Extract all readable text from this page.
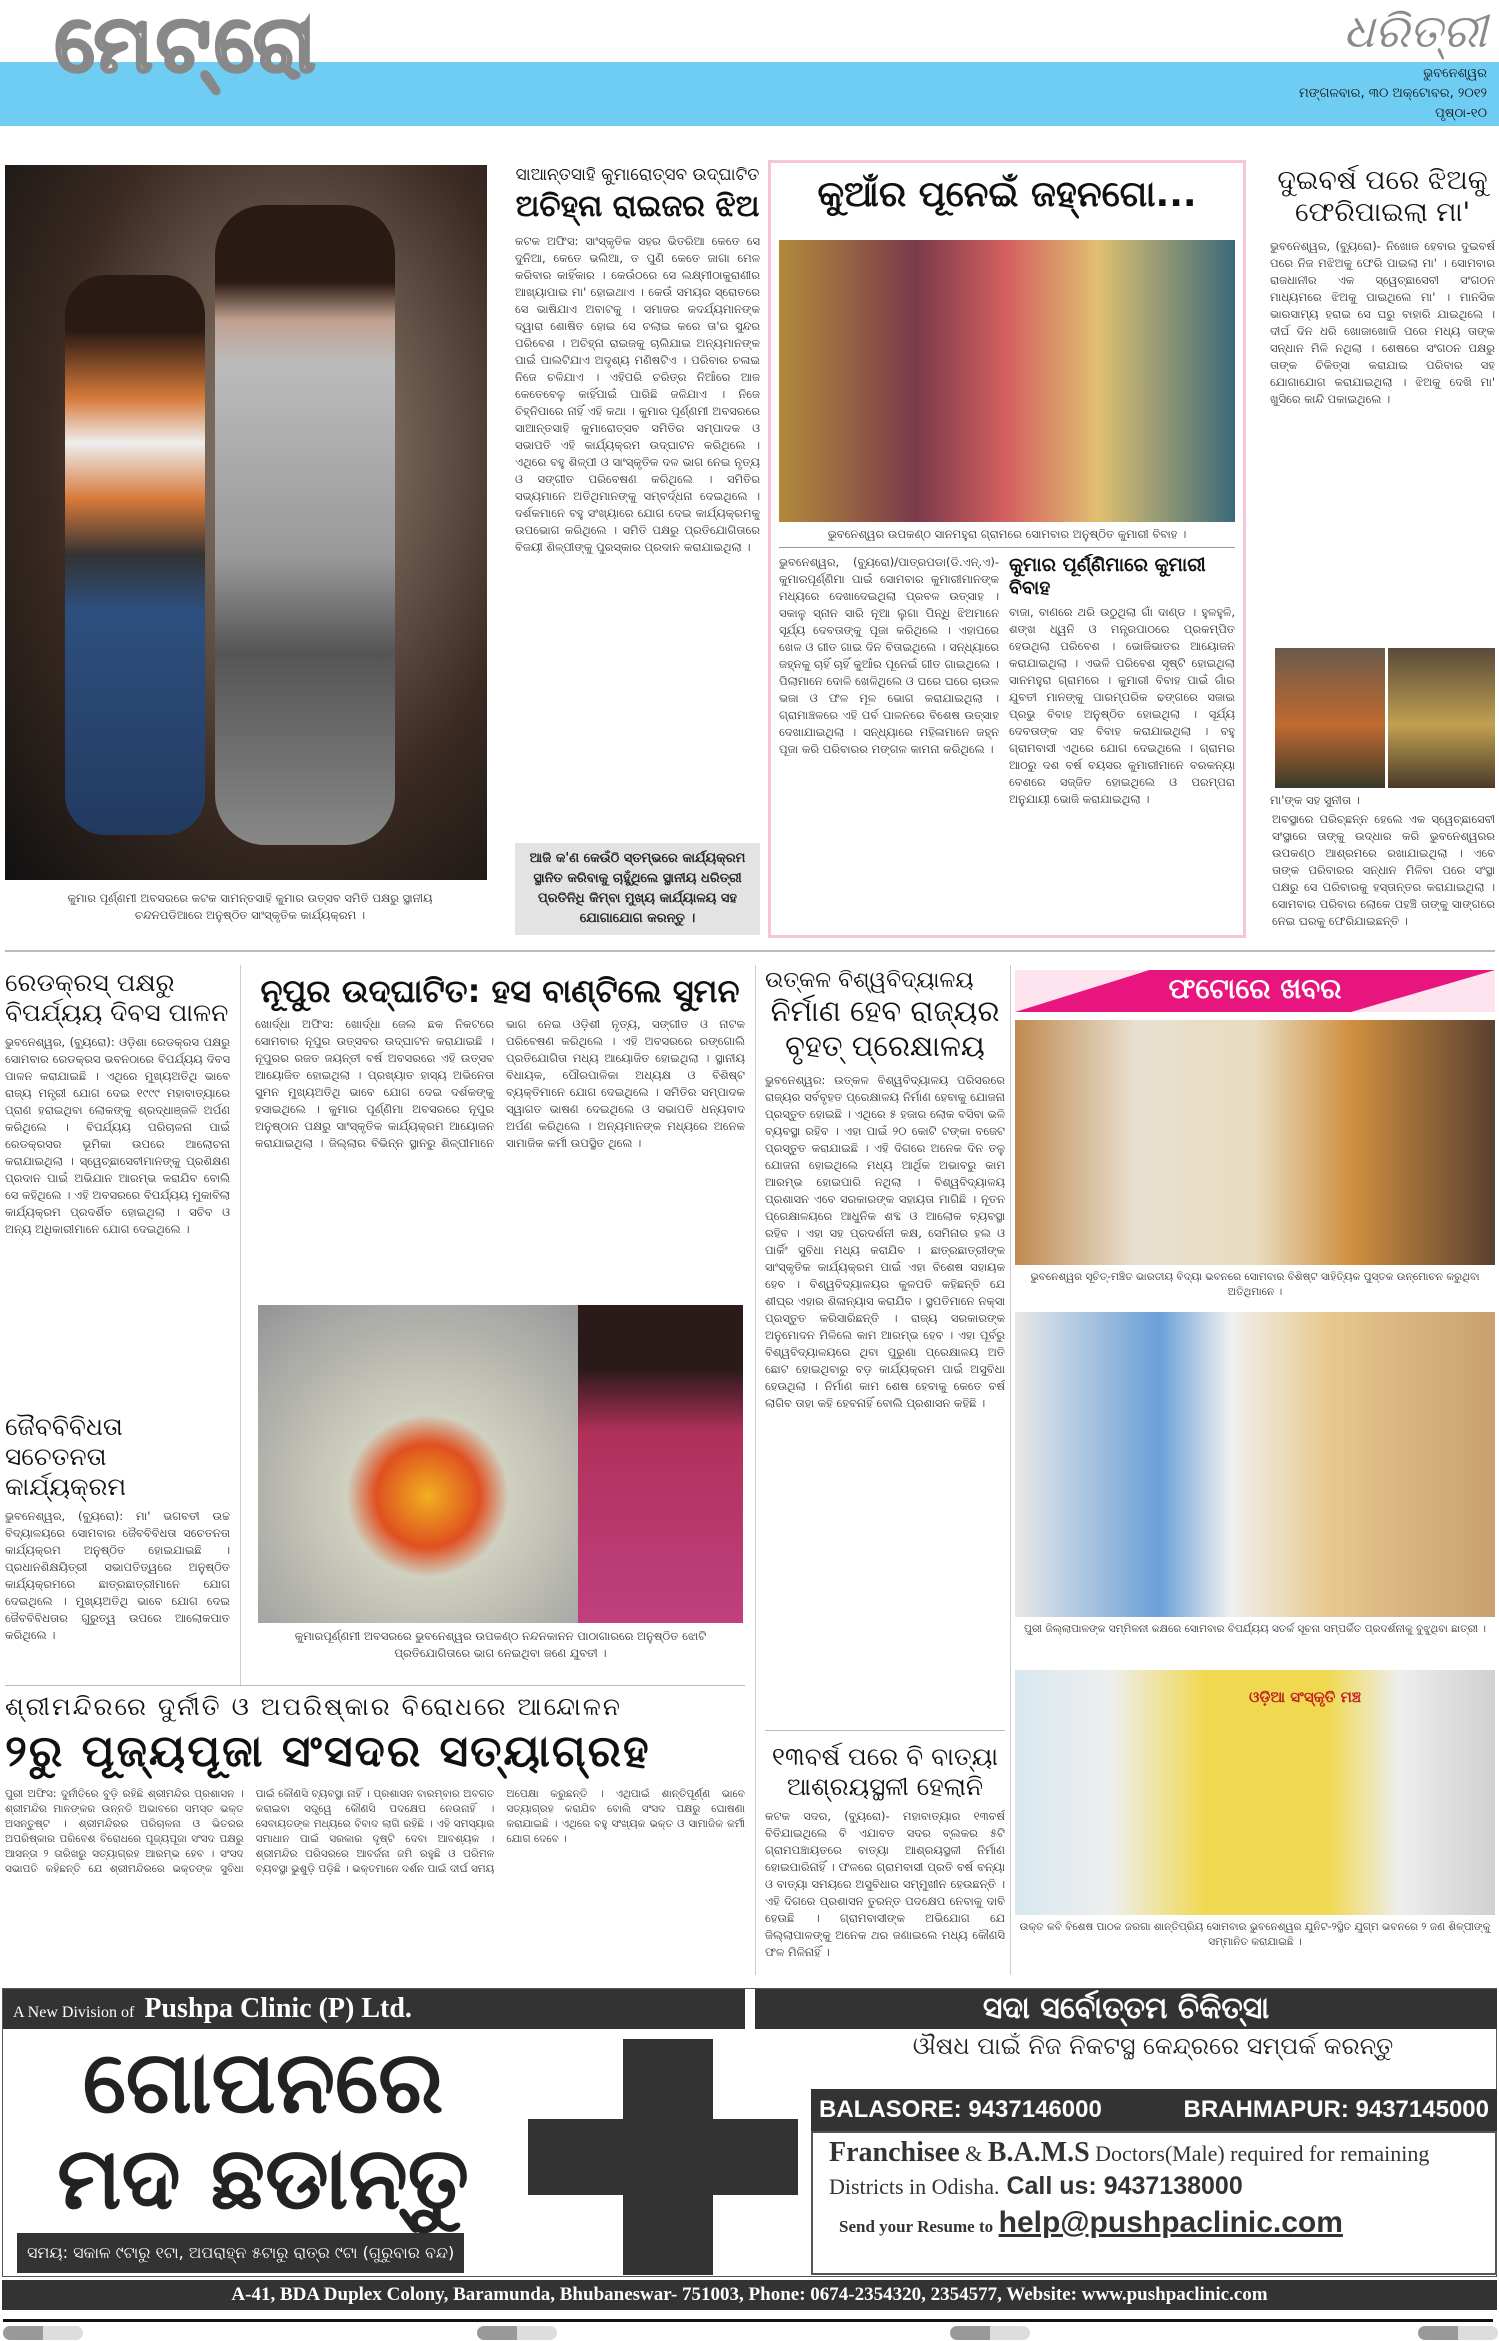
ମେଟ୍ରୋ	ଧରିତ୍ରୀ
ଭୁବନେଶ୍ୱର
ମଙ୍ଗଳବାର, ୩୦ ଅକ୍ଟୋବର, ୨୦୧୨
ପୃଷ୍ଠା-୧୦
କୁମାର ପୂର୍ଣ୍ଣମୀ ଅବସରରେ କଟକ ସାମନ୍ତସାହି କୁମାର ଉତ୍ସବ ସମିତି ପକ୍ଷରୁ ସ୍ଥାନୀୟ ଚନ୍ଦନପଡିଆରେ ଅନୁଷ୍ଠିତ ସାଂସ୍କୃତିକ କାର୍ଯ୍ୟକ୍ରମ ।
ସାଆନ୍ତସାହି କୁମାରୋତ୍ସବ ଉଦ୍‌ଘାଟିତ
ଅଚିହ୍ନା ରାଇଜର ଝିଅ
କଟକ ଅଫିସ: ସାଂସ୍କୃତିକ ସହର ଭିତରିଆ କେତେ ସେ ଦୁନିଆ, କେତେ ଭଲିଆ, ତ ପୁଣି କେତେ ଜାଗା ମେଳ କରିବାର କାହିଁକାର । କେଉଁଠରେ ସେ ଲକ୍ଷ୍ମୀଠାକୁରାଣୀର ଆଖ୍ୟାପାଇ ମା' ହୋଇଥାଏ । କେଉଁ ସମୟର ସ୍ରୋତରେ ସେ ଭାଷିଯାଏ ଅବାଟକୁ । ସମାଜର କଦର୍ଯ୍ୟମାନଙ୍କ ଦ୍ୱାରା ଶୋଷିତ ହୋଇ ସେ ଚଲାଇ କରେ ତା'ର ସୁନ୍ଦର ପରିବେଶ । ଅଚିହ୍ନା ରାଇଜକୁ ଚାଲିଯାଇ ଅନ୍ୟମାନଙ୍କ ପାଇଁ ପାଲଟିଯାଏ ଅଦୃଶ୍ୟ ମଣିଷଟିଏ । ପରିବାର ଚଳାଇ ନିଜେ ଚଳିଯାଏ । ଏହିପରି ଚରିତ୍ର ନିଆଁରେ ଆଜ କେତେବେଳୁ କାହିଁପାଇଁ ପାରିଛି ଜଳିଯାଏ । ନିଜେ ଚିହ୍ନିପାରେ ନାହିଁ ଏହି କଥା । କୁମାର ପୂର୍ଣ୍ଣମୀ ଅବସରରେ ସାଆନ୍ତସାହି କୁମାରୋତ୍ସବ ସମିତିର ସମ୍ପାଦକ ଓ ସଭାପତି ଏହି କାର୍ଯ୍ୟକ୍ରମ ଉଦ୍‌ଘାଟନ କରିଥିଲେ । ଏଥିରେ ବହୁ ଶିଳ୍ପୀ ଓ ସାଂସ୍କୃତିକ ଦଳ ଭାଗ ନେଇ ନୃତ୍ୟ ଓ ସଙ୍ଗୀତ ପରିବେଷଣ କରିଥିଲେ । ସମିତିର ସଭ୍ୟମାନେ ଅତିଥିମାନଙ୍କୁ ସମ୍ବର୍ଦ୍ଧନା ଦେଇଥିଲେ । ଦର୍ଶକମାନେ ବହୁ ସଂଖ୍ୟାରେ ଯୋଗ ଦେଇ କାର୍ଯ୍ୟକ୍ରମକୁ ଉପଭୋଗ କରିଥିଲେ । ସମିତି ପକ୍ଷରୁ ପ୍ରତିଯୋଗିତାରେ ବିଜୟୀ ଶିଳ୍ପୀଙ୍କୁ ପୁରସ୍କାର ପ୍ରଦାନ କରାଯାଇଥିଲା ।
ଆଜି କ'ଣ କେଉଁଠି ସ୍ତମ୍ଭରେ କାର୍ଯ୍ୟକ୍ରମ ସ୍ଥାନିତ କରିବାକୁ ଚାହୁଁଥିଲେ ସ୍ଥାନୀୟ ଧରିତ୍ରୀ ପ୍ରତିନିଧି କିମ୍ବା ମୁଖ୍ୟ କାର୍ଯ୍ୟାଳୟ ସହ ଯୋଗାଯୋଗ କରନ୍ତୁ ।
କୁଆଁର ପୂନେଇଁ ଜହ୍ନଗୋ...
ଭୁବନେଶ୍ୱର ଉପକଣ୍ଠ ସାନମହୁରା ଗ୍ରାମରେ ସୋମବାର ଅନୁଷ୍ଠିତ କୁମାରୀ ବିବାହ ।
ଭୁବନେଶ୍ୱର, (ବ୍ୟୁରୋ)/ପାତ୍ରପଡା(ଡି.ଏନ୍.ଏ)- କୁମାରପୂର୍ଣ୍ଣିମା ପାଇଁ ସୋମବାର କୁମାରୀମାନଙ୍କ ମଧ୍ୟରେ ଦେଖାଦେଇଥିଲା ପ୍ରବଳ ଉତ୍ସାହ । ସକାଳୁ ସ୍ନାନ ସାରି ନୂଆ ଲୁଗା ପିନ୍ଧି ଝିଅମାନେ ସୂର୍ଯ୍ୟ ଦେବତାଙ୍କୁ ପୂଜା କରିଥିଲେ । ଏହାପରେ ଖେଳ ଓ ଗୀତ ଗାଇ ଦିନ ବିତାଇଥିଲେ । ସନ୍ଧ୍ୟାରେ ଜହ୍ନକୁ ଚାହିଁ ଚାହିଁ କୁଆଁର ପୂନେଇଁ ଗୀତ ଗାଇଥିଲେ । ପିଲାମାନେ ଦୋଳି ଖେଳିଥିଲେ ଓ ଘରେ ଘରେ ଚାଉଳ ଭଜା ଓ ଫଳ ମୂଳ ଭୋଗ କରାଯାଇଥିଲା । ଗ୍ରାମାଞ୍ଚଳରେ ଏହି ପର୍ବ ପାଳନରେ ବିଶେଷ ଉତ୍ସାହ ଦେଖାଯାଇଥିଲା । ସନ୍ଧ୍ୟାରେ ମହିଳାମାନେ ଜହ୍ନ ପୂଜା କରି ପରିବାରର ମଙ୍ଗଳ କାମନା କରିଥିଲେ ।
କୁମାର ପୂର୍ଣ୍ଣିମାରେ କୁମାରୀ ବିବାହ
ବାଜା, ବାଣରେ ଥରି ଉଠୁଥିଲା ଗାଁ ଦାଣ୍ଡ । ହୁଳହୁଳି, ଶଙ୍ଖ ଧ୍ୱନି ଓ ମନ୍ତ୍ରପାଠରେ ପ୍ରକମ୍ପିତ ହେଉଥିଲା ପରିବେଶ । ଭୋଜିଭାତର ଆୟୋଜନ କରାଯାଇଥିଲା । ଏଭଳି ପରିବେଶ ସୃଷ୍ଟି ହୋଇଥିଲା ସାନମହୁରା ଗ୍ରାମରେ । କୁମାରୀ ବିବାହ ପାଇଁ ଗାଁର ଯୁବତୀ ମାନଙ୍କୁ ପାରମ୍ପରିକ ଢଙ୍ଗରେ ସଜାଇ ପ୍ରଭୁ ବିବାହ ଅନୁଷ୍ଠିତ ହୋଇଥିଲା । ସୂର୍ଯ୍ୟ ଦେବତାଙ୍କ ସହ ବିବାହ କରାଯାଇଥିଲା । ବହୁ ଗ୍ରାମବାସୀ ଏଥିରେ ଯୋଗ ଦେଇଥିଲେ । ଗ୍ରାମର ଆଠରୁ ଦଶ ବର୍ଷ ବୟସର କୁମାରୀମାନେ ବରକନ୍ୟା ବେଶରେ ସଜ୍ଜିତ ହୋଇଥିଲେ ଓ ପରମ୍ପରା ଅନୁଯାୟୀ ଭୋଜି କରାଯାଇଥିଲା ।
ଦୁଇବର୍ଷ ପରେ ଝିଅକୁ ଫେରିପାଇଲା ମା'
ଭୁବନେଶ୍ୱର, (ବ୍ୟୁରୋ)- ନିଖୋଜ ହେବାର ଦୁଇବର୍ଷ ପରେ ନିଜ ମଝିଅକୁ ଫେରି ପାଇଲା ମା' । ସୋମବାର ରାଜଧାନୀର ଏକ ସ୍ୱେଚ୍ଛାସେବୀ ସଂଗଠନ ମାଧ୍ୟମରେ ଝିଅକୁ ପାଇଥିଲେ ମା' । ମାନସିକ ଭାରସାମ୍ୟ ହରାଇ ସେ ଘରୁ ବାହାରି ଯାଇଥିଲେ । ଦୀର୍ଘ ଦିନ ଧରି ଖୋଜାଖୋଜି ପରେ ମଧ୍ୟ ତାଙ୍କ ସନ୍ଧାନ ମିଳି ନଥିଲା । ଶେଷରେ ସଂଗଠନ ପକ୍ଷରୁ ତାଙ୍କ ଚିକିତ୍ସା କରାଯାଇ ପରିବାର ସହ ଯୋଗାଯୋଗ କରାଯାଇଥିଲା । ଝିଅକୁ ଦେଖି ମା' ଖୁସିରେ କାନ୍ଦି ପକାଇଥିଲେ ।
ମା'ଙ୍କ ସହ ସୁନୀତା ।
ଅବସ୍ଥାରେ ପରିଚ୍ଛନ୍ନ ହେଲେ ଏକ ସ୍ୱେଚ୍ଛାସେବୀ ସଂସ୍ଥାରେ ତାଙ୍କୁ ଉଦ୍ଧାର କରି ଭୁବନେଶ୍ୱରର ଉପକଣ୍ଠ ଆଶ୍ରମରେ ରଖାଯାଇଥିଲା । ଏବେ ତାଙ୍କ ପରିବାରର ସନ୍ଧାନ ମିଳିବା ପରେ ସଂସ୍ଥା ପକ୍ଷରୁ ସେ ପରିବାରକୁ ହସ୍ତାନ୍ତର କରାଯାଇଥିଲା । ସୋମବାର ପରିବାର ଲୋକେ ପହଞ୍ଚି ତାଙ୍କୁ ସାଙ୍ଗରେ ନେଇ ଘରକୁ ଫେରିଯାଇଛନ୍ତି ।
ରେଡକ୍ରସ୍ ପକ୍ଷରୁ ବିପର୍ଯ୍ୟୟ ଦିବସ ପାଳନ
ଭୁବନେଶ୍ୱର, (ବ୍ୟୁରୋ): ଓଡ଼ିଶା ରେଡକ୍ରସ ପକ୍ଷରୁ ସୋମବାର ରେଡକ୍ରସ ଭବନଠାରେ ବିପର୍ଯ୍ୟୟ ଦିବସ ପାଳନ କରାଯାଇଛି । ଏଥିରେ ମୁଖ୍ୟଅତିଥି ଭାବେ ରାଜ୍ୟ ମନ୍ତ୍ରୀ ଯୋଗ ଦେଇ ୧୯୯୯ ମହାବାତ୍ୟାରେ ପ୍ରାଣ ହରାଇଥିବା ଲୋକଙ୍କୁ ଶ୍ରଦ୍ଧାଞ୍ଜଳି ଅର୍ପଣ କରିଥିଲେ । ବିପର୍ଯ୍ୟୟ ପରିଚାଳନା ପାଇଁ ରେଡକ୍ରସର ଭୂମିକା ଉପରେ ଆଲୋଚନା କରାଯାଇଥିଲା । ସ୍ୱେଚ୍ଛାସେବୀମାନଙ୍କୁ ପ୍ରଶିକ୍ଷଣ ପ୍ରଦାନ ପାଇଁ ଅଭିଯାନ ଆରମ୍ଭ କରାଯିବ ବୋଲି ସେ କହିଥିଲେ । ଏହି ଅବସରରେ ବିପର୍ଯ୍ୟୟ ମୁକାବିଲା କାର୍ଯ୍ୟକ୍ରମ ପ୍ରଦର୍ଶିତ ହୋଇଥିଲା । ସଚିବ ଓ ଅନ୍ୟ ଅଧିକାରୀମାନେ ଯୋଗ ଦେଇଥିଲେ ।
ଜୈବବିବିଧତା ସଚେତନତା କାର୍ଯ୍ୟକ୍ରମ
ଭୁବନେଶ୍ୱର, (ବ୍ୟୁରୋ): ମା' ଭଗବତୀ ଉଚ୍ଚ ବିଦ୍ୟାଳୟରେ ସୋମବାର ଜୈବବିବିଧତା ସଚେତନତା କାର୍ଯ୍ୟକ୍ରମ ଅନୁଷ୍ଠିତ ହୋଇଯାଇଛି । ପ୍ରଧାନଶିକ୍ଷୟିତ୍ରୀ ସଭାପତିତ୍ୱରେ ଅନୁଷ୍ଠିତ କାର୍ଯ୍ୟକ୍ରମରେ ଛାତ୍ରଛାତ୍ରୀମାନେ ଯୋଗ ଦେଇଥିଲେ । ମୁଖ୍ୟଅତିଥି ଭାବେ ଯୋଗ ଦେଇ ଜୈବବିବିଧତାର ଗୁରୁତ୍ୱ ଉପରେ ଆଲୋକପାତ କରିଥିଲେ ।
ନୂପୁର ଉଦ୍‌ଘାଟିତ: ହସ ବାଣ୍ଟିଲେ ସୁମନ
ଖୋର୍ଦ୍ଧା ଅଫିସ: ଖୋର୍ଦ୍ଧା ଜେଲ ଛକ ନିକଟରେ ସୋମବାର ନୂପୁର ଉତ୍ସବର ଉଦ୍‌ଘାଟନ କରାଯାଇଛି । ନୂପୁରର ରଜତ ଜୟନ୍ତୀ ବର୍ଷ ଅବସରରେ ଏହି ଉତ୍ସବ ଆୟୋଜିତ ହୋଇଥିଲା । ପ୍ରଖ୍ୟାତ ହାସ୍ୟ ଅଭିନେତା ସୁମନ ମୁଖ୍ୟଅତିଥି ଭାବେ ଯୋଗ ଦେଇ ଦର୍ଶକଙ୍କୁ ହସାଇଥିଲେ । କୁମାର ପୂର୍ଣ୍ଣିମା ଅବସରରେ ନୂପୁର ଅନୁଷ୍ଠାନ ପକ୍ଷରୁ ସାଂସ୍କୃତିକ କାର୍ଯ୍ୟକ୍ରମ ଆୟୋଜନ କରାଯାଇଥିଲା । ଜିଲ୍ଲାର ବିଭିନ୍ନ ସ୍ଥାନରୁ ଶିଳ୍ପୀମାନେ ଭାଗ ନେଇ ଓଡ଼ିଶୀ ନୃତ୍ୟ, ସଙ୍ଗୀତ ଓ ନାଟକ ପରିବେଷଣ କରିଥିଲେ । ଏହି ଅବସରରେ ରଙ୍ଗୋଲି ପ୍ରତିଯୋଗିତା ମଧ୍ୟ ଆୟୋଜିତ ହୋଇଥିଲା । ସ୍ଥାନୀୟ ବିଧାୟକ, ପୌରପାଳିକା ଅଧ୍ୟକ୍ଷ ଓ ବିଶିଷ୍ଟ ବ୍ୟକ୍ତିମାନେ ଯୋଗ ଦେଇଥିଲେ । ସମିତିର ସମ୍ପାଦକ ସ୍ୱାଗତ ଭାଷଣ ଦେଇଥିଲେ ଓ ସଭାପତି ଧନ୍ୟବାଦ ଅର୍ପଣ କରିଥିଲେ । ଅନ୍ୟମାନଙ୍କ ମଧ୍ୟରେ ଅନେକ ସାମାଜିକ କର୍ମୀ ଉପସ୍ଥିତ ଥିଲେ ।
କୁମାରପୂର୍ଣ୍ଣମୀ ଅବସରରେ ଭୁବନେଶ୍ୱର ଉପକଣ୍ଠ ନନ୍ଦନକାନନ ପାଠାଗାରରେ ଅନୁଷ୍ଠିତ ଝୋଟି ପ୍ରତିଯୋଗିତାରେ ଭାଗ ନେଇଥିବା ଜଣେ ଯୁବତୀ ।
ଉତ୍କଳ ବିଶ୍ୱବିଦ୍ୟାଳୟ
ନିର୍ମାଣ ହେବ ରାଜ୍ୟର ବୃହତ୍ ପ୍ରେକ୍ଷାଳୟ
ଭୁବନେଶ୍ୱର: ଉତ୍କଳ ବିଶ୍ୱବିଦ୍ୟାଳୟ ପରିସରରେ ରାଜ୍ୟର ସର୍ବବୃହତ ପ୍ରେକ୍ଷାଳୟ ନିର୍ମାଣ ହେବାକୁ ଯୋଜନା ପ୍ରସ୍ତୁତ ହୋଇଛି । ଏଥିରେ ୫ ହଜାର ଲୋକ ବସିବା ଭଳି ବ୍ୟବସ୍ଥା ରହିବ । ଏହା ପାଇଁ ୨୦ କୋଟି ଟଙ୍କା ବଜେଟ ପ୍ରସ୍ତୁତ କରାଯାଇଛି । ଏହି ଦିଗରେ ଅନେକ ଦିନ ତଳୁ ଯୋଜନା ହୋଇଥିଲେ ମଧ୍ୟ ଆର୍ଥିକ ଅଭାବରୁ କାମ ଆରମ୍ଭ ହୋଇପାରି ନଥିଲା । ବିଶ୍ୱବିଦ୍ୟାଳୟ ପ୍ରଶାସନ ଏବେ ସରକାରଙ୍କ ସହାୟତା ମାଗିଛି । ନୂତନ ପ୍ରେକ୍ଷାଳୟରେ ଆଧୁନିକ ଶବ୍ଦ ଓ ଆଲୋକ ବ୍ୟବସ୍ଥା ରହିବ । ଏହା ସହ ପ୍ରଦର୍ଶନୀ କକ୍ଷ, ସେମିନାର ହଲ ଓ ପାର୍କିଂ ସୁବିଧା ମଧ୍ୟ କରାଯିବ । ଛାତ୍ରଛାତ୍ରୀଙ୍କ ସାଂସ୍କୃତିକ କାର୍ଯ୍ୟକ୍ରମ ପାଇଁ ଏହା ବିଶେଷ ସହାୟକ ହେବ । ବିଶ୍ୱବିଦ୍ୟାଳୟର କୁଳପତି କହିଛନ୍ତି ଯେ ଶୀଘ୍ର ଏହାର ଶିଳାନ୍ୟାସ କରାଯିବ । ସ୍ଥପତିମାନେ ନକ୍ସା ପ୍ରସ୍ତୁତ କରିସାରିଛନ୍ତି । ରାଜ୍ୟ ସରକାରଙ୍କ ଅନୁମୋଦନ ମିଳିଲେ କାମ ଆରମ୍ଭ ହେବ । ଏହା ପୂର୍ବରୁ ବିଶ୍ୱବିଦ୍ୟାଳୟରେ ଥିବା ପୁରୁଣା ପ୍ରେକ୍ଷାଳୟ ଅତି ଛୋଟ ହୋଇଥିବାରୁ ବଡ଼ କାର୍ଯ୍ୟକ୍ରମ ପାଇଁ ଅସୁବିଧା ହେଉଥିଲା । ନିର୍ମାଣ କାମ ଶେଷ ହେବାକୁ କେତେ ବର୍ଷ ଲାଗିବ ତାହା କହି ହେବନାହିଁ ବୋଲି ପ୍ରଶାସନ କହିଛି ।
୧୩ବର୍ଷ ପରେ ବି ବାତ୍ୟା ଆଶ୍ରୟସ୍ଥଳୀ ହେଲାନି
କଟକ ସଦର, (ବ୍ୟୁରୋ)- ମହାବାତ୍ୟାର ୧୩ବର୍ଷ ବିତିଯାଇଥିଲେ ବି ଏଯାବତ ସଦର ବ୍ଲକର ୫ଟି ଗ୍ରାମପଞ୍ଚାୟତରେ ବାତ୍ୟା ଆଶ୍ରୟସ୍ଥଳୀ ନିର୍ମାଣ ହୋଇପାରିନାହିଁ । ଫଳରେ ଗ୍ରାମବାସୀ ପ୍ରତି ବର୍ଷ ବନ୍ୟା ଓ ବାତ୍ୟା ସମୟରେ ଅସୁବିଧାର ସମ୍ମୁଖୀନ ହେଉଛନ୍ତି । ଏହି ଦିଗରେ ପ୍ରଶାସନ ତୁରନ୍ତ ପଦକ୍ଷେପ ନେବାକୁ ଦାବି ହେଉଛି । ଗ୍ରାମବାସୀଙ୍କ ଅଭିଯୋଗ ଯେ ଜିଲ୍ଲାପାଳଙ୍କୁ ଅନେକ ଥର ଜଣାଇଲେ ମଧ୍ୟ କୌଣସି ଫଳ ମିଳିନାହିଁ ।
ଫଟୋରେ ଖବର
ଭୁବନେଶ୍ୱର ସୂଚିତ୍-ମଞ୍ଚିତ ଭାରତୀୟ ବିଦ୍ୟା ଭବନରେ ସୋମବାର ବିଶିଷ୍ଟ ସାହିତ୍ୟିକ ପୁସ୍ତକ ଉନ୍ମୋଚନ କରୁଥିବା ଅତିଥିମାନେ ।
ପୁରୀ ଜିଲ୍ଲାପାଳଙ୍କ ସମ୍ମିଳନୀ କକ୍ଷରେ ସୋମବାର ବିପର୍ଯ୍ୟୟ ସତର୍କ ସୂଚନା ସମ୍ପର୍କିତ ପ୍ରଦର୍ଶନୀକୁ ବୁଝୁଥିବା ଛାତ୍ରୀ ।
ଓଡ଼ିଆ ସଂସ୍କୃତି ମଞ୍ଚ
ଉକ୍ତ କବି ବିଶେଷ ପାଠକ ଜରଗା ଶାନ୍ତିପ୍ରିୟ ସୋମବାର ଭୁବନେଶ୍ୱର ଯୁନିଟ-୨ସ୍ଥିତ ଯୁଗ୍ମ ଭବନରେ ୨ ଜଣ ଶିଳ୍ପୀଙ୍କୁ ସମ୍ମାନିତ କରାଯାଇଛି ।
ଶ୍ରୀମନ୍ଦିରରେ ଦୁର୍ନୀତି ଓ ଅପରିଷ୍କାର ବିରୋଧରେ ଆନ୍ଦୋଳନ
୨ରୁ ପୂଜ୍ୟପୂଜା ସଂସଦର ସତ୍ୟାଗ୍ରହ
ପୁରୀ ଅଫିସ: ଦୁର୍ନୀତିରେ ବୁଡ଼ି ରହିଛି ଶ୍ରୀମନ୍ଦିର ପ୍ରଶାସନ । ଶ୍ରୀମନ୍ଦିର ମାନଙ୍କର ଉନ୍ନତି ଅଭାବରେ ସମସ୍ତ ଭକ୍ତ ଅସନ୍ତୁଷ୍ଟ । ଶ୍ରୀମନ୍ଦିରର ପରିଚାଳନା ଓ ଭିତରର ଅପରିଷ୍କାର ପରିବେଶ ବିରୋଧରେ ପୂଜ୍ୟପୂଜା ସଂସଦ ପକ୍ଷରୁ ଆସନ୍ତା ୨ ତାରିଖରୁ ସତ୍ୟାଗ୍ରହ ଆରମ୍ଭ ହେବ । ସଂସଦ ସଭାପତି କହିଛନ୍ତି ଯେ ଶ୍ରୀମନ୍ଦିରରେ ଭକ୍ତଙ୍କ ସୁବିଧା ପାଇଁ କୌଣସି ବ୍ୟବସ୍ଥା ନାହିଁ । ପ୍ରଶାସନ ବାରମ୍ବାର ଅବଗତ କରାଇବା ସତ୍ତ୍ୱେ କୌଣସି ପଦକ୍ଷେପ ନେଉନାହିଁ । ସେବାୟତଙ୍କ ମଧ୍ୟରେ ବିବାଦ ଲାଗି ରହିଛି । ଏହି ସମସ୍ୟାର ସମାଧାନ ପାଇଁ ସରକାର ଦୃଷ୍ଟି ଦେବା ଆବଶ୍ୟକ । ଶ୍ରୀମନ୍ଦିର ପରିସରରେ ଆବର୍ଜନା ଜମି ରହୁଛି ଓ ପରିମଳ ବ୍ୟବସ୍ଥା ଭୁଶୁଡ଼ି ପଡ଼ିଛି । ଭକ୍ତମାନେ ଦର୍ଶନ ପାଇଁ ଦୀର୍ଘ ସମୟ ଅପେକ୍ଷା କରୁଛନ୍ତି । ଏଥିପାଇଁ ଶାନ୍ତିପୂର୍ଣ୍ଣ ଭାବେ ସତ୍ୟାଗ୍ରହ କରାଯିବ ବୋଲି ସଂସଦ ପକ୍ଷରୁ ଘୋଷଣା କରାଯାଇଛି । ଏଥିରେ ବହୁ ସଂଖ୍ୟକ ଭକ୍ତ ଓ ସାମାଜିକ କର୍ମୀ ଯୋଗ ଦେବେ ।
A New Division of Pushpa Clinic (P) Ltd.	ସଦା ସର୍ବୋତ୍ତମ ଚିକିତ୍ସା
ଗୋପନରେ
ମଦ ଛଡାନ୍ତୁ
ସମୟ: ସକାଳ ୯ଟାରୁ ୧ଟା, ଅପରାହ୍ନ ୫ଟାରୁ ରାତ୍ର ୯ଟା (ଗୁରୁବାର ବନ୍ଦ)
ଔଷଧ ପାଇଁ ନିଜ ନିକଟସ୍ଥ କେନ୍ଦ୍ରରେ ସମ୍ପର୍କ କରନ୍ତୁ
BALASORE: 9437146000	BRAHMAPUR: 9437145000
Franchisee & B.A.M.S Doctors(Male) required for remaining Districts in Odisha. Call us: 9437138000
Send your Resume to help@pushpaclinic.com
A-41, BDA Duplex Colony, Baramunda, Bhubaneswar- 751003, Phone: 0674-2354320, 2354577, Website: www.pushpaclinic.com
